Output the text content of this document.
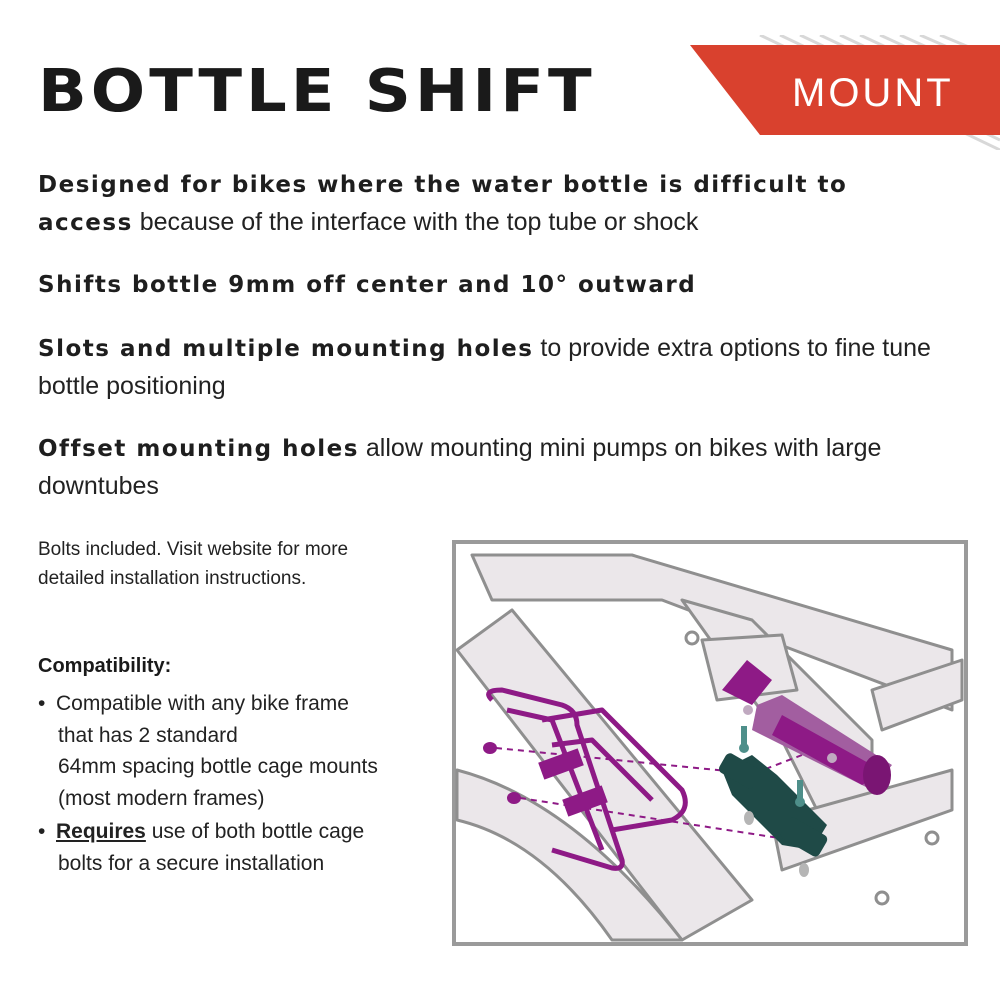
BOTTLE SHIFT	MOUNT

Designed for bikes where the water bottle is difficult to access because of the interface with the top tube or shock

Shifts bottle 9mm off center and 10° outward

Slots and multiple mounting holes to provide extra options to fine tune bottle positioning

Offset mounting holes allow mounting mini pumps on bikes with large downtubes

Bolts included. Visit website for more
detailed installation instructions.
Compatibility:
• Compatible with any bike frame
that has 2 standard
64mm spacing bottle cage mounts
(most modern frames)
• Requires use of both bottle cage
bolts for a secure installation
